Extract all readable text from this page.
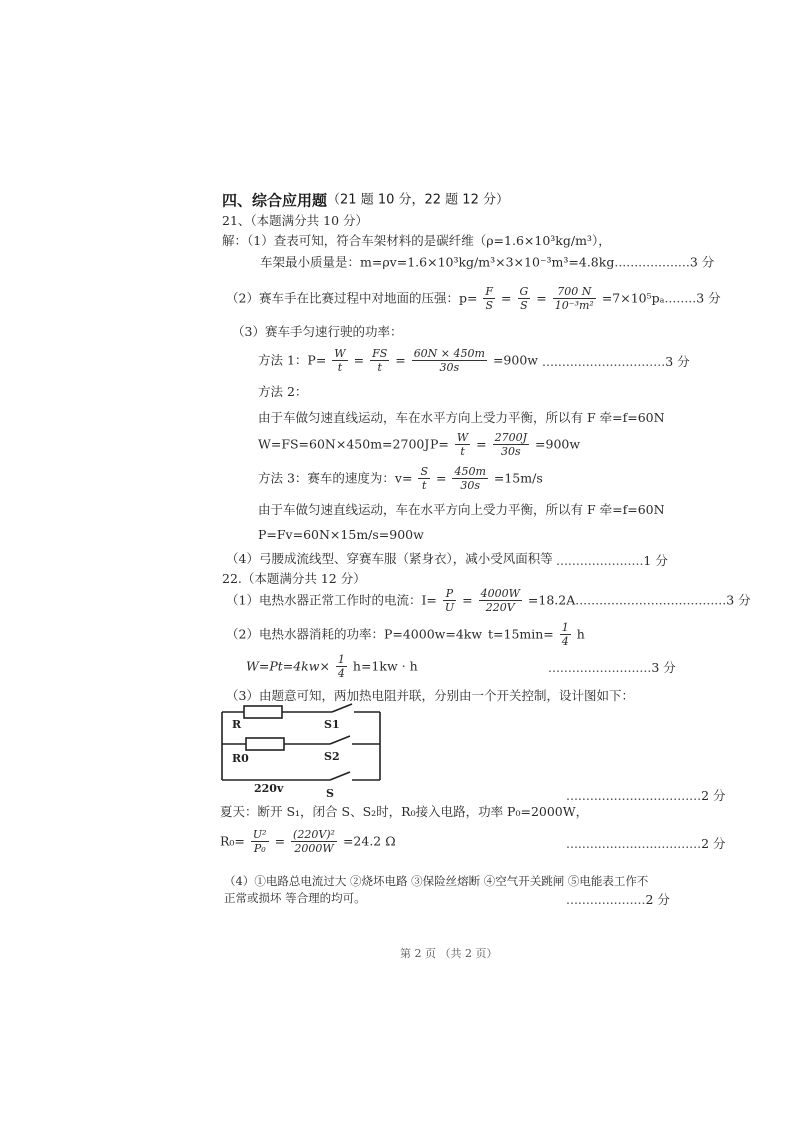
四、综合应用题（21 题 10 分，22 题 12 分）
21、（本题满分共 10 分）
解：（1）查表可知，符合车架材料的是碳纤维（ρ=1.6×10³kg/m³），
车架最小质量是：m=ρv=1.6×10³kg/m³×3×10⁻³m³=4.8kg...................3 分
（2）赛车手在比赛过程中对地面的压强：$p= \frac{F}{S} = \frac{G}{S} = \frac{700 N}{\text{10⁻³m²}} =7\times 10^5p_a........3$ 分
（3）赛车手匀速行驶的功率：
方法 1：$P= \frac{W}{t} = \frac{FS}{t} = \frac{60N \times 450m}{30s} =900w$ ...............................3 分
方法 2：
由于车做匀速直线运动，车在水平方向上受力平衡，所以有 F 牵=f=60N
W=FS=60N×450m=2700J $P= \frac{W}{t} = \frac{2700J}{30s} =900w$
方法 3：赛车的速度为：$v= \frac{S}{t} = \frac{450m}{30s} =15m/s$
由于车做匀速直线运动，车在水平方向上受力平衡，所以有 F 牵=f=60N
P=Fv=60N×15m/s=900w
（4）弓腰成流线型、穿赛车服（紧身衣），减小受风面积等 ......................1 分
22.（本题满分共 12 分）
（1）电热水器正常工作时的电流：$I= \frac{P}{U} = \frac{4000W}{220V} =18.2A......................................3$ 分
（2）电热水器消耗的功率：P=4000w=4kw $t=15\min= \frac{1}{4}$ h
$W=Pt=4kw\times \frac{1}{4} h=1kw \cdot h$	..........................3 分
（3）由题意可知，两加热电阻并联，分别由一个开关控制，设计图如下：
R	S1
R0	S2
220v	S	..................................2 分
夏天：断开 S₁，闭合 S、S₂时，R₀接入电路，功率 P₀=2000W，
$R_0= \frac{\text{U²}}{\text{P₀}} = \frac{\text{(220V)²}}{2000W} =24.2$ Ω	..................................2 分
（4）①电路总电流过大 ②烧坏电路 ③保险丝熔断 ④空气开关跳闸 ⑤电能表工作不
正常或损坏 等合理的均可。	....................2 分
第 2 页 （共 2 页）
